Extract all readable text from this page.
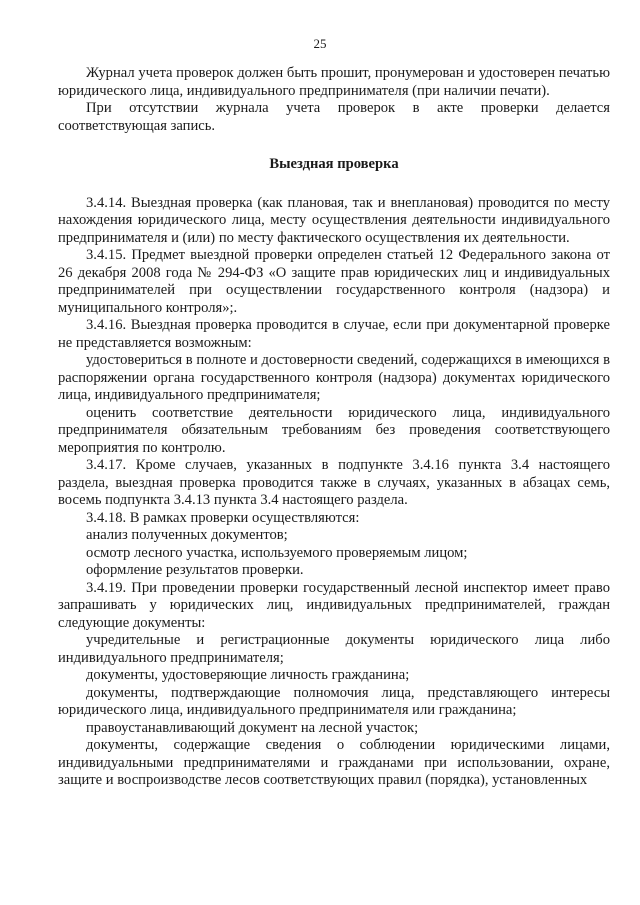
25

Журнал учета проверок должен быть прошит, пронумерован и удостоверен печатью юридического лица, индивидуального предпринимателя (при наличии печати).

При отсутствии журнала учета проверок в акте проверки делается соответствующая запись.

Выездная проверка

3.4.14. Выездная проверка (как плановая, так и внеплановая) проводится по месту нахождения юридического лица, месту осуществления деятельности индивидуального предпринимателя и (или) по месту фактического осуществления их деятельности.

3.4.15. Предмет выездной проверки определен статьей 12 Федерального закона от 26 декабря 2008 года № 294-ФЗ «О защите прав юридических лиц и индивидуальных предпринимателей при осуществлении государственного контроля (надзора) и муниципального контроля»;.

3.4.16. Выездная проверка проводится в случае, если при документарной проверке не представляется возможным:

удостовериться в полноте и достоверности сведений, содержащихся в имеющихся в распоряжении органа государственного контроля (надзора) документах юридического лица, индивидуального предпринимателя;

оценить соответствие деятельности юридического лица, индивидуального предпринимателя обязательным требованиям без проведения соответствующего мероприятия по контролю.

3.4.17. Кроме случаев, указанных в подпункте 3.4.16 пункта 3.4 настоящего раздела, выездная проверка проводится также в случаях, указанных в абзацах семь, восемь подпункта 3.4.13 пункта 3.4 настоящего раздела.

3.4.18. В рамках проверки осуществляются:

анализ полученных документов;

осмотр лесного участка, используемого проверяемым лицом;

оформление результатов проверки.

3.4.19. При проведении проверки государственный лесной инспектор имеет право запрашивать у юридических лиц, индивидуальных предпринимателей, граждан следующие документы:

учредительные и регистрационные документы юридического лица либо индивидуального предпринимателя;

документы, удостоверяющие личность гражданина;

документы, подтверждающие полномочия лица, представляющего интересы юридического лица, индивидуального предпринимателя или гражданина;

правоустанавливающий документ на лесной участок;

документы, содержащие сведения о соблюдении юридическими лицами, индивидуальными предпринимателями и гражданами при использовании, охране, защите и воспроизводстве лесов соответствующих правил (порядка), установленных
